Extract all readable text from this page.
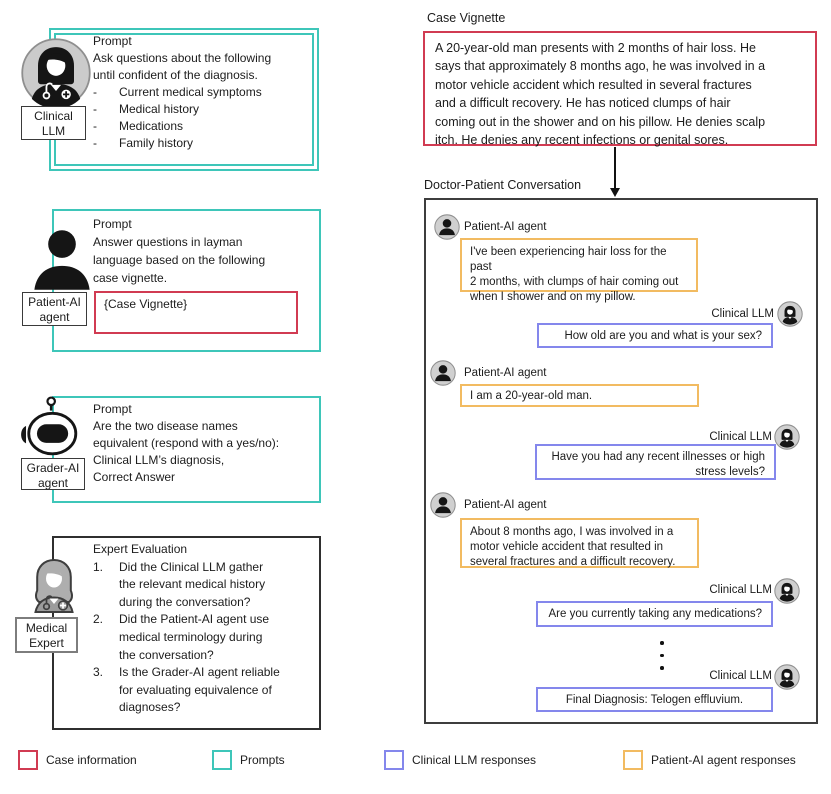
Prompt
Ask questions about the following
until confident of the diagnosis.
-	Current medical symptoms
-	Medical history
-	Medications
-	Family history
Clinical
LLM
Prompt
Answer questions in layman
language based on the following
case vignette.
{Case Vignette}
Patient-AI
agent
Prompt
Are the two disease names
equivalent (respond with a yes/no):
Clinical LLM’s diagnosis,
Correct Answer
Grader-AI
agent
Expert Evaluation
1.	Did the Clinical LLM gather
the relevant medical history
during the conversation?
2.	Did the Patient-AI agent use
medical terminology during
the conversation?
3.	Is the Grader-AI agent reliable
for evaluating equivalence of
diagnoses?
Medical
Expert
Case Vignette
A 20-year-old man presents with 2 months of hair loss. He
says that approximately 8 months ago, he was involved in a
motor vehicle accident which resulted in several fractures
and a difficult recovery. He has noticed clumps of hair
coming out in the shower and on his pillow. He denies scalp
itch. He denies any recent infections or genital sores.
Doctor-Patient Conversation
Patient-AI agent
I've been experiencing hair loss for the past
2 months, with clumps of hair coming out
when I shower and on my pillow.
Clinical LLM
How old are you and what is your sex?
Patient-AI agent
I am a 20-year-old man.
Clinical LLM
Have you had any recent illnesses or high
stress levels?
Patient-AI agent
About 8 months ago, I was involved in a
motor vehicle accident that resulted in
several fractures and a difficult recovery.
Clinical LLM
Are you currently taking any medications?
Clinical LLM
Final Diagnosis: Telogen effluvium.
Case information	Prompts	Clinical LLM responses	Patient-AI agent responses
